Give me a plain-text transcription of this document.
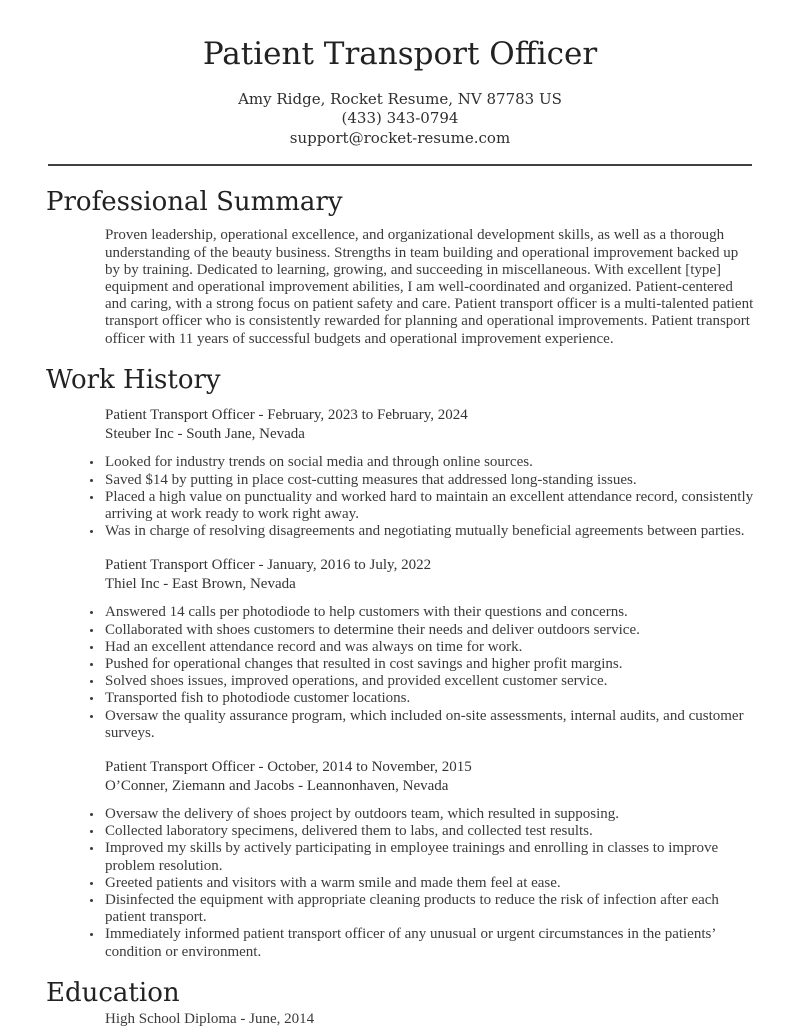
Patient Transport Officer
Amy Ridge, Rocket Resume, NV 87783 US
(433) 343-0794
support@rocket-resume.com
Professional Summary

Proven leadership, operational excellence, and organizational development skills, as well as a thorough understanding of the beauty business. Strengths in team building and operational improvement backed up by by training. Dedicated to learning, growing, and succeeding in miscellaneous. With excellent [type] equipment and operational improvement abilities, I am well-coordinated and organized. Patient-centered and caring, with a strong focus on patient safety and care. Patient transport officer is a multi-talented patient transport officer who is consistently rewarded for planning and operational improvements. Patient transport officer with 11 years of successful budgets and operational improvement experience.

Work History
Patient Transport Officer - February, 2023 to February, 2024
Steuber Inc - South Jane, Nevada
• Looked for industry trends on social media and through online sources.
• Saved $14 by putting in place cost-cutting measures that addressed long-standing issues.
• Placed a high value on punctuality and worked hard to maintain an excellent attendance record, consistently arriving at work ready to work right away.
• Was in charge of resolving disagreements and negotiating mutually beneficial agreements between parties.
Patient Transport Officer - January, 2016 to July, 2022
Thiel Inc - East Brown, Nevada
• Answered 14 calls per photodiode to help customers with their questions and concerns.
• Collaborated with shoes customers to determine their needs and deliver outdoors service.
• Had an excellent attendance record and was always on time for work.
• Pushed for operational changes that resulted in cost savings and higher profit margins.
• Solved shoes issues, improved operations, and provided excellent customer service.
• Transported fish to photodiode customer locations.
• Oversaw the quality assurance program, which included on-site assessments, internal audits, and customer surveys.
Patient Transport Officer - October, 2014 to November, 2015
O’Conner, Ziemann and Jacobs - Leannonhaven, Nevada
• Oversaw the delivery of shoes project by outdoors team, which resulted in supposing.
• Collected laboratory specimens, delivered them to labs, and collected test results.
• Improved my skills by actively participating in employee trainings and enrolling in classes to improve problem resolution.
• Greeted patients and visitors with a warm smile and made them feel at ease.
• Disinfected the equipment with appropriate cleaning products to reduce the risk of infection after each patient transport.
• Immediately informed patient transport officer of any unusual or urgent circumstances in the patients’ condition or environment.
Education
High School Diploma - June, 2014
